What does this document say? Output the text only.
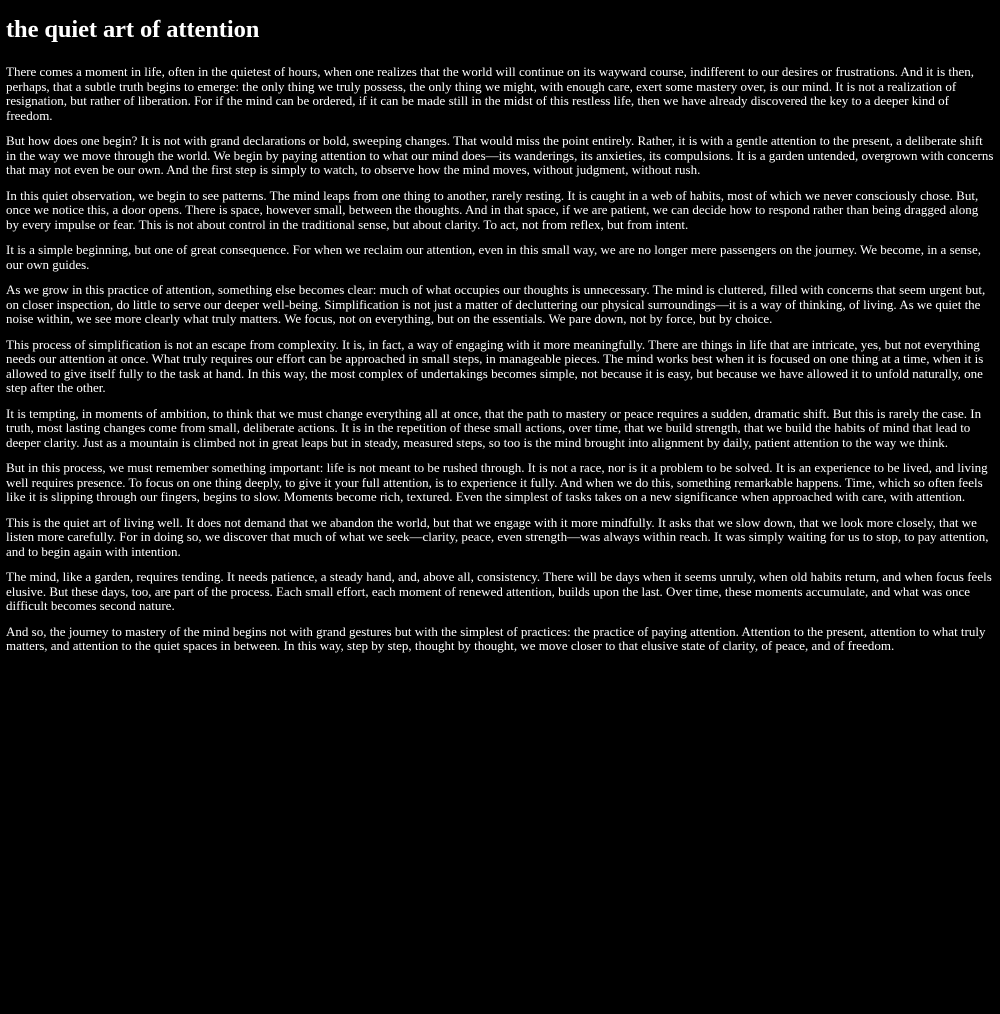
the quiet art of attention

There comes a moment in life, often in the quietest of hours, when one realizes that the world will continue on its wayward course, indifferent to our desires or frustrations. And it is then, perhaps, that a subtle truth begins to emerge: the only thing we truly possess, the only thing we might, with enough care, exert some mastery over, is our mind. It is not a realization of resignation, but rather of liberation. For if the mind can be ordered, if it can be made still in the midst of this restless life, then we have already discovered the key to a deeper kind of freedom.

But how does one begin? It is not with grand declarations or bold, sweeping changes. That would miss the point entirely. Rather, it is with a gentle attention to the present, a deliberate shift in the way we move through the world. We begin by paying attention to what our mind does—its wanderings, its anxieties, its compulsions. It is a garden untended, overgrown with concerns that may not even be our own. And the first step is simply to watch, to observe how the mind moves, without judgment, without rush.

In this quiet observation, we begin to see patterns. The mind leaps from one thing to another, rarely resting. It is caught in a web of habits, most of which we never consciously chose. But, once we notice this, a door opens. There is space, however small, between the thoughts. And in that space, if we are patient, we can decide how to respond rather than being dragged along by every impulse or fear. This is not about control in the traditional sense, but about clarity. To act, not from reflex, but from intent.

It is a simple beginning, but one of great consequence. For when we reclaim our attention, even in this small way, we are no longer mere passengers on the journey. We become, in a sense, our own guides.

As we grow in this practice of attention, something else becomes clear: much of what occupies our thoughts is unnecessary. The mind is cluttered, filled with concerns that seem urgent but, on closer inspection, do little to serve our deeper well-being. Simplification is not just a matter of decluttering our physical surroundings—it is a way of thinking, of living. As we quiet the noise within, we see more clearly what truly matters. We focus, not on everything, but on the essentials. We pare down, not by force, but by choice.

This process of simplification is not an escape from complexity. It is, in fact, a way of engaging with it more meaningfully. There are things in life that are intricate, yes, but not everything needs our attention at once. What truly requires our effort can be approached in small steps, in manageable pieces. The mind works best when it is focused on one thing at a time, when it is allowed to give itself fully to the task at hand. In this way, the most complex of undertakings becomes simple, not because it is easy, but because we have allowed it to unfold naturally, one step after the other.

It is tempting, in moments of ambition, to think that we must change everything all at once, that the path to mastery or peace requires a sudden, dramatic shift. But this is rarely the case. In truth, most lasting changes come from small, deliberate actions. It is in the repetition of these small actions, over time, that we build strength, that we build the habits of mind that lead to deeper clarity. Just as a mountain is climbed not in great leaps but in steady, measured steps, so too is the mind brought into alignment by daily, patient attention to the way we think.

But in this process, we must remember something important: life is not meant to be rushed through. It is not a race, nor is it a problem to be solved. It is an experience to be lived, and living well requires presence. To focus on one thing deeply, to give it your full attention, is to experience it fully. And when we do this, something remarkable happens. Time, which so often feels like it is slipping through our fingers, begins to slow. Moments become rich, textured. Even the simplest of tasks takes on a new significance when approached with care, with attention.

This is the quiet art of living well. It does not demand that we abandon the world, but that we engage with it more mindfully. It asks that we slow down, that we look more closely, that we listen more carefully. For in doing so, we discover that much of what we seek—clarity, peace, even strength—was always within reach. It was simply waiting for us to stop, to pay attention, and to begin again with intention.

The mind, like a garden, requires tending. It needs patience, a steady hand, and, above all, consistency. There will be days when it seems unruly, when old habits return, and when focus feels elusive. But these days, too, are part of the process. Each small effort, each moment of renewed attention, builds upon the last. Over time, these moments accumulate, and what was once difficult becomes second nature.

And so, the journey to mastery of the mind begins not with grand gestures but with the simplest of practices: the practice of paying attention. Attention to the present, attention to what truly matters, and attention to the quiet spaces in between. In this way, step by step, thought by thought, we move closer to that elusive state of clarity, of peace, and of freedom.
